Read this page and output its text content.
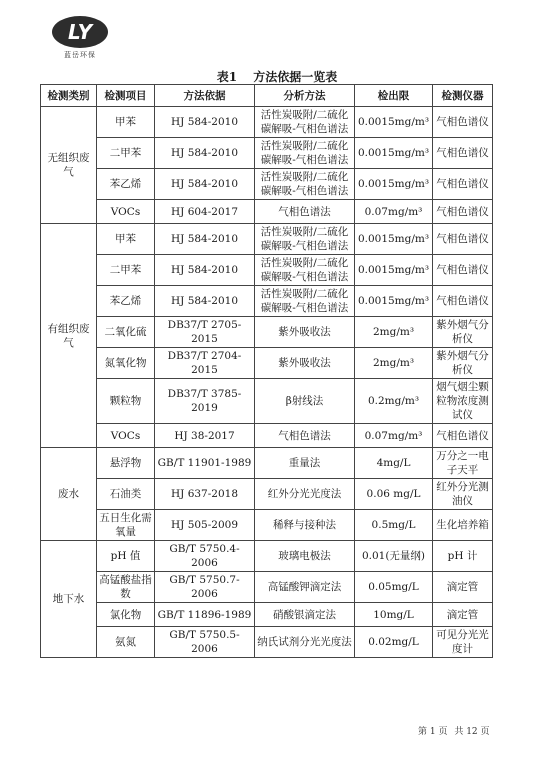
LY
蓝岳环保
表1 方法依据一览表
检测类别	检测项目	方法依据	分析方法	检出限	检测仪器
无组织废气	甲苯	HJ 584-2010	活性炭吸附/二硫化碳解吸-气相色谱法	0.0015mg/m³	气相色谱仪
	二甲苯	HJ 584-2010	活性炭吸附/二硫化碳解吸-气相色谱法	0.0015mg/m³	气相色谱仪
	苯乙烯	HJ 584-2010	活性炭吸附/二硫化碳解吸-气相色谱法	0.0015mg/m³	气相色谱仪
	VOCs	HJ 604-2017	气相色谱法	0.07mg/m³	气相色谱仪
有组织废气	甲苯	HJ 584-2010	活性炭吸附/二硫化碳解吸-气相色谱法	0.0015mg/m³	气相色谱仪
	二甲苯	HJ 584-2010	活性炭吸附/二硫化碳解吸-气相色谱法	0.0015mg/m³	气相色谱仪
	苯乙烯	HJ 584-2010	活性炭吸附/二硫化碳解吸-气相色谱法	0.0015mg/m³	气相色谱仪
	二氧化硫	DB37/T 2705-2015	紫外吸收法	2mg/m³	紫外烟气分析仪
	氮氧化物	DB37/T 2704-2015	紫外吸收法	2mg/m³	紫外烟气分析仪
	颗粒物	DB37/T 3785-2019	β射线法	0.2mg/m³	烟气烟尘颗粒物浓度测试仪
	VOCs	HJ 38-2017	气相色谱法	0.07mg/m³	气相色谱仪
废水	悬浮物	GB/T 11901-1989	重量法	4mg/L	万分之一电子天平
	石油类	HJ 637-2018	红外分光光度法	0.06 mg/L	红外分光测油仪
	五日生化需氧量	HJ 505-2009	稀释与接种法	0.5mg/L	生化培养箱
地下水	pH 值	GB/T 5750.4-2006	玻璃电极法	0.01(无量纲)	pH 计
	高锰酸盐指数	GB/T 5750.7-2006	高锰酸钾滴定法	0.05mg/L	滴定管
	氯化物	GB/T 11896-1989	硝酸银滴定法	10mg/L	滴定管
	氨氮	GB/T 5750.5-2006	纳氏试剂分光光度法	0.02mg/L	可见分光光度计
第 1 页 共 12 页
